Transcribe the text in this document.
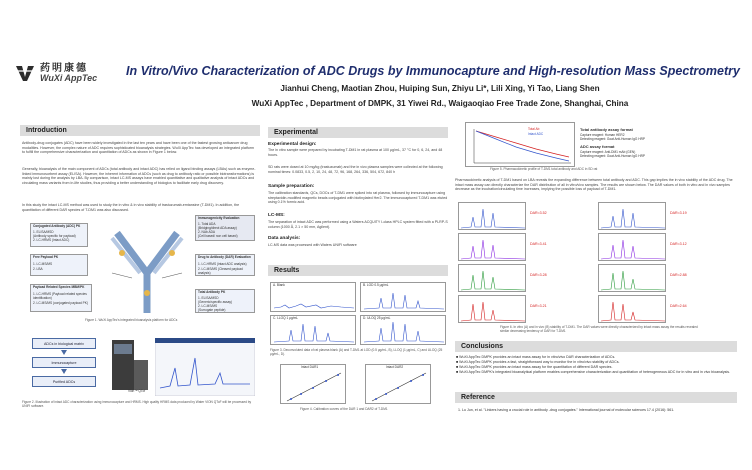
药明康德
WuXi AppTec	In Vitro/Vivo Characterization of ADC Drugs by Immunocapture and High-resolution Mass Spectrometry
Jianhui Cheng, Maotian Zhou, Huiping Sun, Zhiyu Li*, Lili Xing, Yi Tao, Liang Shen
WuXi AppTec , Department of DMPK, 31 Yiwei Rd., Waigaoqiao Free Trade Zone, Shanghai, China
Introduction
Antibody-drug conjugates (ADC) have been widely investigated in the last ten years and have been one of the fastest growing anticancer drug modalities. However, the complex nature of ADC requires sophisticated bioanalysis strategies. WuXi AppTec has developed an integrated platform to fulfill the comprehensive characterization and quantitation of ADCs as shown in Figure 1 below.
Generally, bioanalysis of the main component of ADCs (total antibody and intact ADC) has relied on ligand binding assays (LBAs) such as enzyme-linked immunosorbent assay (ELISA). However, the inherent information of ADCs (such as drug to antibody ratio or possible biotransformations) is mainly lost during the analysis by LBA. By comparison, intact LC-MS assays have enabled quantitative and qualitative analysis of intact ADCs and circulating mass variants from in-life studies, thus providing a better understanding of biologics to facilitate early drug discovery.
In this study the intact LC-MS method was used to study the in vitro & in vivo stability of trastuzumab-emtansine (T-DM1). In addition, the quantitation of different DAR species of T-DM1 was also discussed.
Conjugated Antibody (ADC) PK
1. ELISA/MSD
(Antibody specific for payload)
2. LC-HRMS (Intact ADC)
Free Payload PK
1. LC-MS/MS
2. LBA
Payload Related Species MBM/PK
1. LC-HRMS (Payload related species identification)
2. LC-MS/MS (conjugated payload PK)
Immunogenicity Evaluation
1. Total ADA
(Bridging/direct ADA assay)
2. NAb ADA
(Cell based/ non cell based)
Drug to Antibody (DAR) Evaluation
1. LC-HRMS (intact ADC analysis)
2. LC-MS/MS (Cleaved payload analysis)
Total Antibody PK
1. ELISA/MSD
(Generic/specific assay)
2. LC-MS/MS
(Surrogate peptide)
Figure 1. WuXi AppTec's integrated bioanalysis platform for ADCs
ADCs in biological matrix
Immunocapture
Purified ADCs
Vion™ QTof
Figure 2. Illustration of intact ADC characterization using immunocapture and HRMS. High quality HRMS data produced by Water VION QToF will be processed by UNIFI software.
Experimental
Experimental design:
The in vitro sample were prepared by incubating T-DM1 in rat plasma at 100 μg/mL, 37 °C for 0, 6, 24, and 48 hours.
SD rats were dosed at 10 mg/kg (trastuzumab) and the in vivo plasma samples were collected at the following nominal times: 0.0833, 0.5, 2, 10, 24, 48, 72, 96, 168, 264, 336, 504, 672, 840 h
Sample preparation:
The calibration standards, QCs, DOCs of T-DM1 were spiked into rat plasma, followed by immunocapture using streptavidin-modified magnetic beads conjugated with biotinylated Her2. The immunocaptured T-DM1 was eluted using 0.1% formic acid.
LC-MS:
The separation of intact ADC was performed using a Waters ACQUITY I-class HPLC system fitted with a PLRP-S column (1000 Å, 2.1 × 50 mm, Agilent).
Data analysis:
LC-MS data was processed with Waters UNIFI software
Results
A. Blank	B. LOD 0.5 μg/mL
C. LLOQ 1 μg/mL	D. ULOQ 25 μg/mL
Figure 3. Deconvoluted data of rat plasma blank (A) and T-DM1 at LOD (0.5 μg/mL, B), LLOQ (1 μg/mL, C) and ULOQ (25 μg/mL, D).
Intact DAR1	Intact DAR2
Figure 4. Calibration curves of the DAR 1 and DAR2 of T-DM1
Total Ab
Intact ADC
Total antibody assay format
Capture reagent: Human HER2
Detecting reagent: Goat Anti-Human IgG HRP
ADC assay format
Capture reagent: Anti-DM1 mAb (GEN)
Detecting reagent: Goat Anti-Human IgG HRP
Figure 5. Pharmacokinetic profile of T-DM1 total antibody and ADC in SD rat
Pharmacokinetic analysis of T-DM1 based on LBA reveals the expanding difference between total antibody and ADC. This gap implies the in vivo stability of the ADC drug. The intact mass assay can directly characterize the DAR distribution of all in vitro/vivo samples. The results are shown below. The DAR values of both in vitro and in vivo samples decrease as the incubation/circulating time increases, implying the possible loss of payload of T-DM1.
DAR=3.52
DAR=3.41
DAR=3.28
DAR=3.21
DAR=3.19
DAR=3.12
DAR=2.88
DAR=2.64
Figure 6. In vitro (A) and in vivo (B) stability of T-DM1. The DAR values were directly characterized by intact mass assay the results revealed similar decreasing tendency of DAR for T-DM1
Conclusions
■ WuXi AppTec DMPK provides an intact mass assay for in vitro/vivo DAR characterization of ADCs.
■ WuXi AppTec DMPK provides a fast, straightforward way to monitor the in vitro/vivo stability of ADCs.
■ WuXi AppTec DMPK provides an intact mass assay for the quantitation of different DAR species.
■ WuXi AppTec DMPK's integrated bioanalytical platform enables comprehensive characterization and quantitation of heterogeneous ADC for in vitro and in vivo bioanalysis.
Reference
1. Lu Jun, et al. "Linkers having a crucial role in antibody -drug conjugates." International journal of molecular sciences 17.4 (2016): 561.
